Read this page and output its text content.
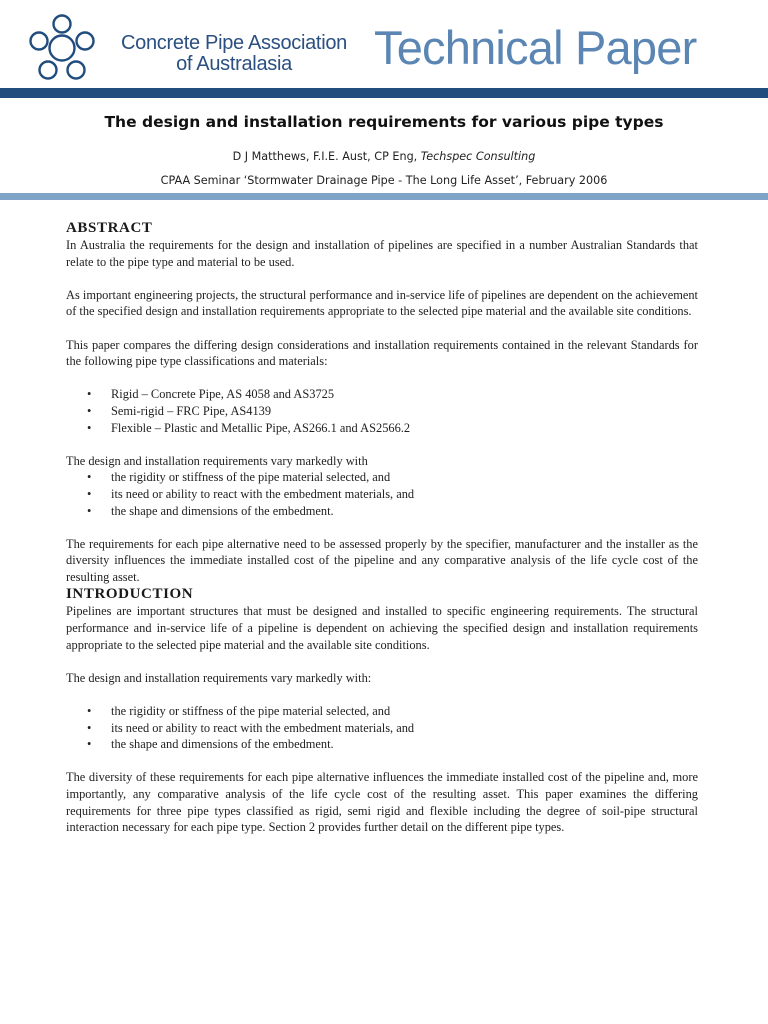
Concrete Pipe Association
of Australasia	Technical Paper
The design and installation requirements for various pipe types
D J Matthews, F.I.E. Aust, CP Eng, Techspec Consulting
CPAA Seminar ‘Stormwater Drainage Pipe - The Long Life Asset’, February 2006
ABSTRACT

In Australia the requirements for the design and installation of pipelines are specified in a number Australian Standards that relate to the pipe type and material to be used.

As important engineering projects, the structural performance and in-service life of pipelines are dependent on the achievement of the specified design and installation requirements appropriate to the selected pipe material and the available site conditions.

This paper compares the differing design considerations and installation requirements contained in the relevant Standards for the following pipe type classifications and materials:

• Rigid – Concrete Pipe, AS 4058 and AS3725
• Semi-rigid – FRC Pipe, AS4139
• Flexible – Plastic and Metallic Pipe, AS266.1 and AS2566.2

The design and installation requirements vary markedly with

• the rigidity or stiffness of the pipe material selected, and
• its need or ability to react with the embedment materials, and
• the shape and dimensions of the embedment.

The requirements for each pipe alternative need to be assessed properly by the specifier, manufacturer and the installer as the diversity influences the immediate installed cost of the pipeline and any comparative analysis of the life cycle cost of the resulting asset.

INTRODUCTION

Pipelines are important structures that must be designed and installed to specific engineering requirements. The structural performance and in-service life of a pipeline is dependent on achieving the specified design and installation requirements appropriate to the selected pipe material and the available site conditions.

The design and installation requirements vary markedly with:

• the rigidity or stiffness of the pipe material selected, and
• its need or ability to react with the embedment materials, and
• the shape and dimensions of the embedment.

The diversity of these requirements for each pipe alternative influences the immediate installed cost of the pipeline and, more importantly, any comparative analysis of the life cycle cost of the resulting asset. This paper examines the differing requirements for three pipe types classified as rigid, semi rigid and flexible including the degree of soil-pipe structural interaction necessary for each pipe type. Section 2 provides further detail on the different pipe types.
